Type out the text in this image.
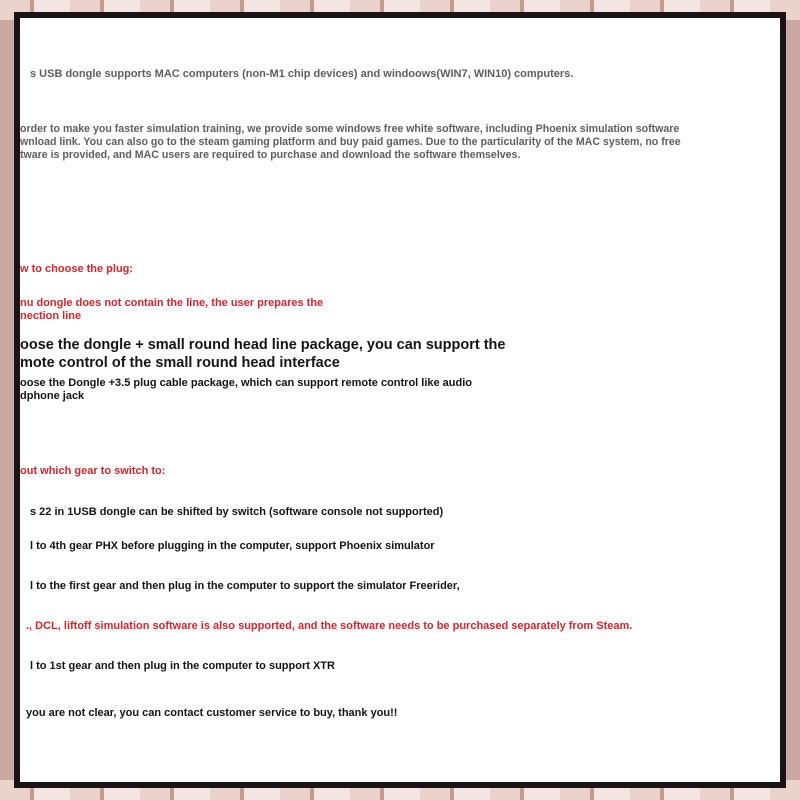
s USB dongle supports MAC computers (non-M1 chip devices) and windoows(WIN7, WIN10) computers.

order to make you faster simulation training, we provide some windows free white software, including Phoenix simulation software
wnload link. You can also go to the steam gaming platform and buy paid games. Due to the particularity of the MAC system, no free
tware is provided, and MAC users are required to purchase and download the software themselves.

w to choose the plug:

nu dongle does not contain the line, the user prepares the
nection line

oose the dongle + small round head line package, you can support the
mote control of the small round head interface

oose the Dongle +3.5 plug cable package, which can support remote control like audio
dphone jack

out which gear to switch to:

s 22 in 1USB dongle can be shifted by switch (software console not supported)

l to 4th gear PHX before plugging in the computer, support Phoenix simulator

l to the first gear and then plug in the computer to support the simulator Freerider,

., DCL, liftoff simulation software is also supported, and the software needs to be purchased separately from Steam.

l to 1st gear and then plug in the computer to support XTR

you are not clear, you can contact customer service to buy, thank you!!
